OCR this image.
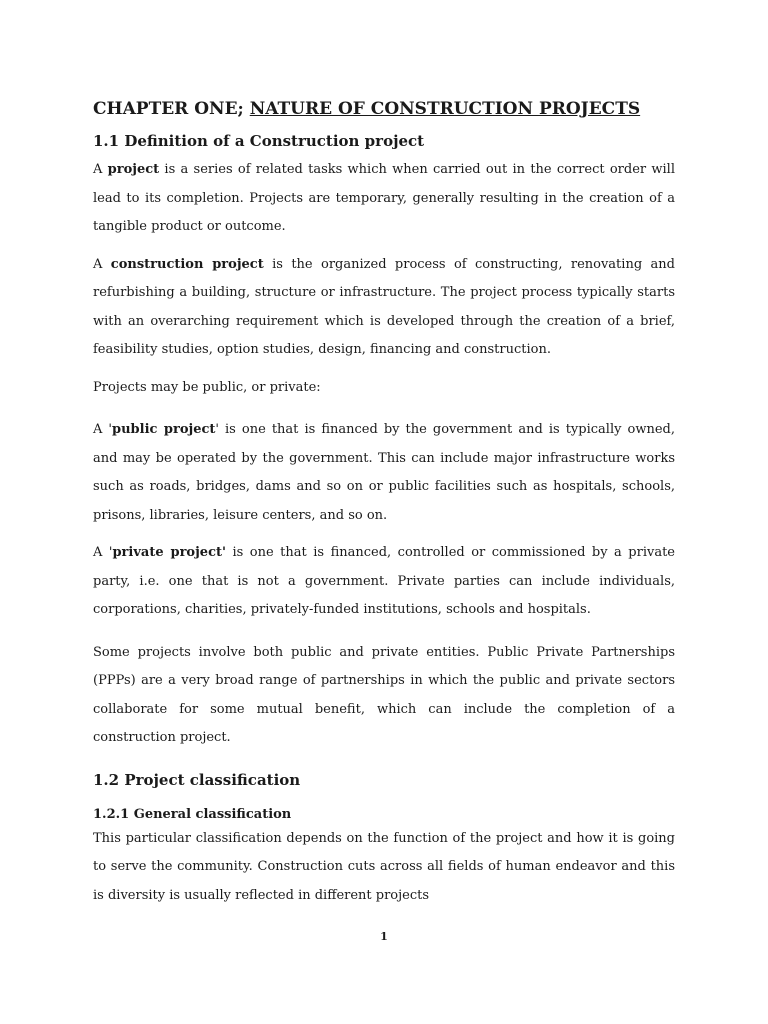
CHAPTER ONE; NATURE OF CONSTRUCTION PROJECTS
1.1 Definition of a Construction project

A project is a series of related tasks which when carried out in the correct order will lead to its completion. Projects are temporary, generally resulting in the creation of a tangible product or outcome.

A construction project is the organized process of constructing, renovating and refurbishing a building, structure or infrastructure. The project process typically starts with an overarching requirement which is developed through the creation of a brief, feasibility studies, option studies, design, financing and construction.

Projects may be public, or private:

A 'public project' is one that is financed by the government and is typically owned, and may be operated by the government. This can include major infrastructure works such as roads, bridges, dams and so on or public facilities such as hospitals, schools, prisons, libraries, leisure centers, and so on.

A 'private project' is one that is financed, controlled or commissioned by a private party, i.e. one that is not a government. Private parties can include individuals, corporations, charities, privately-funded institutions, schools and hospitals.

Some projects involve both public and private entities. Public Private Partnerships (PPPs) are a very broad range of partnerships in which the public and private sectors collaborate for some mutual benefit, which can include the completion of a construction project.

1.2 Project classification
1.2.1 General classification

This particular classification depends on the function of the project and how it is going to serve the community. Construction cuts across all fields of human endeavor and this is diversity is usually reflected in different projects

1
